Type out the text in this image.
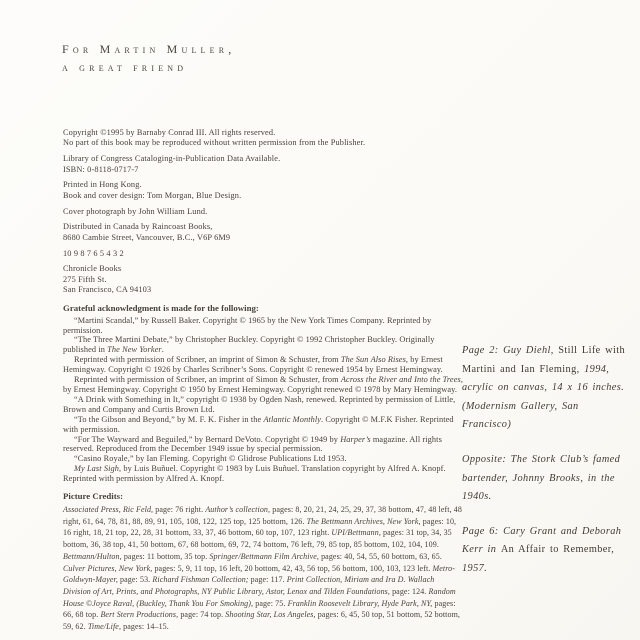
For Martin Muller,
a great friend

Copyright ©1995 by Barnaby Conrad III. All rights reserved.
No part of this book may be reproduced without written permission from the Publisher.

Library of Congress Cataloging-in-Publication Data Available.
ISBN: 0-8118-0717-7

Printed in Hong Kong.
Book and cover design: Tom Morgan, Blue Design.

Cover photograph by John William Lund.

Distributed in Canada by Raincoast Books,
8680 Cambie Street, Vancouver, B.C., V6P 6M9

10 9 8 7 6 5 4 3 2

Chronicle Books
275 Fifth St.
San Francisco, CA 94103

Grateful acknowledgment is made for the following:

“Martini Scandal,” by Russell Baker. Copyright © 1965 by the New York Times Company. Reprinted by permission.

“The Three Martini Debate,” by Christopher Buckley. Copyright © 1992 Christopher Buckley. Originally published in The New Yorker.

Reprinted with permission of Scribner, an imprint of Simon & Schuster, from The Sun Also Rises, by Ernest Hemingway. Copyright © 1926 by Charles Scribner’s Sons. Copyright © renewed 1954 by Ernest Hemingway.

Reprinted with permission of Scribner, an imprint of Simon & Schuster, from Across the River and Into the Trees, by Ernest Hemingway. Copyright © 1950 by Ernest Hemingway. Copyright renewed © 1978 by Mary Hemingway.

“A Drink with Something in It,” copyright © 1938 by Ogden Nash, renewed. Reprinted by permission of Little, Brown and Company and Curtis Brown Ltd.

“To the Gibson and Beyond,” by M. F. K. Fisher in the Atlantic Monthly. Copyright © M.F.K Fisher. Reprinted with permission.

“For The Wayward and Beguiled,” by Bernard DeVoto. Copyright © 1949 by Harper’s magazine. All rights reserved. Reproduced from the December 1949 issue by special permission.

“Casino Royale,” by Ian Fleming. Copyright © Glidrose Publications Ltd 1953.

My Last Sigh, by Luis Buñuel. Copyright © 1983 by Luis Buñuel. Translation copyright by Alfred A. Knopf. Reprinted with permission by Alfred A. Knopf.

Picture Credits:

Associated Press, Ric Feld, page: 76 right. Author’s collection, pages: 8, 20, 21, 24, 25, 29, 37, 38 bottom, 47, 48 left, 48 right, 61, 64, 78, 81, 88, 89, 91, 105, 108, 122, 125 top, 125 bottom, 126. The Bettmann Archives, New York, pages: 10, 16 right, 18, 21 top, 22, 28, 31 bottom, 33, 37, 46 bottom, 60 top, 107, 123 right. UPI/Bettmann, pages: 31 top, 34, 35 bottom, 36, 38 top, 41, 50 bottom, 67, 68 bottom, 69, 72, 74 bottom, 76 left, 79, 85 top, 85 bottom, 102, 104, 109. Bettmann/Hulton, pages: 11 bottom, 35 top. Springer/Bettmann Film Archive, pages: 40, 54, 55, 60 bottom, 63, 65. Culver Pictures, New York, pages: 5, 9, 11 top, 16 left, 20 bottom, 42, 43, 56 top, 56 bottom, 100, 103, 123 left. Metro-Goldwyn-Mayer, page: 53. Richard Fishman Collection; page: 117. Print Collection, Miriam and Ira D. Wallach Division of Art, Prints, and Photographs, NY Public Library, Astor, Lenox and Tilden Foundations, page: 124. Random House ©Joyce Raval, (Buckley, Thank You For Smoking), page: 75. Franklin Roosevelt Library, Hyde Park, NY, pages: 66, 68 top. Bert Stern Productions, page: 74 top. Shooting Star, Los Angeles, pages: 6, 45, 50 top, 51 bottom, 52 bottom, 59, 62. Time/Life, pages: 14–15.

Page 2: Guy Diehl, Still Life with Martini and Ian Fleming, 1994, acrylic on canvas, 14 x 16 inches. (Modernism Gallery, San Francisco)

Opposite: The Stork Club’s famed bartender, Johnny Brooks, in the 1940s.

Page 6: Cary Grant and Deborah Kerr in An Affair to Remember, 1957.
